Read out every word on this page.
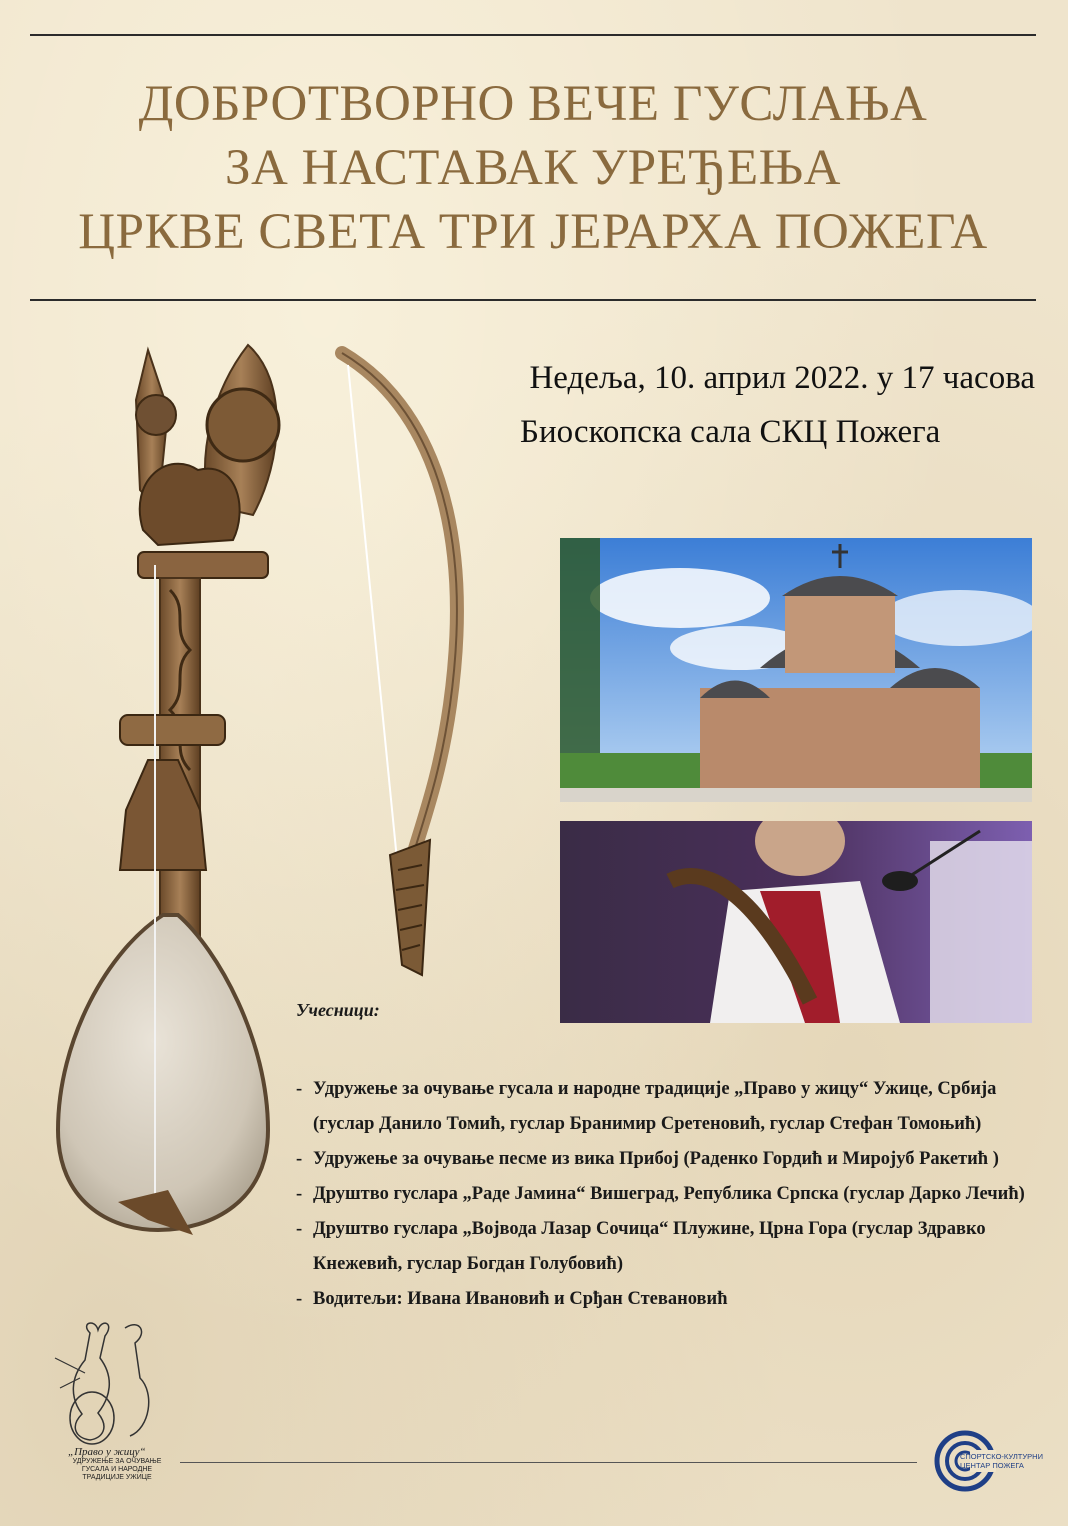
ДОБРОТВОРНО ВЕЧЕ ГУСЛАЊА
ЗА НАСТАВАК УРЕЂЕЊА
ЦРКВЕ СВЕТА ТРИ ЈЕРАРХА ПОЖЕГА
Недеља, 10. април 2022. у 17 часова
Биоскопска сала СКЦ Пожега
Учесници:
- Удружење за очување гусала и народне традиције „Право у жицу“ Ужице, Србија (гуслар Данило Томић, гуслар Бранимир Сретеновић, гуслар Стефан Томоњић)
- Удружење за очување песме из вика Прибој (Раденко Гордић и Миројуб Ракетић )
- Друштво гуслара „Раде Јамина“ Вишеград, Република Српска (гуслар Дарко Лечић)
- Друштво гуслара „Војвода Лазар Сочица“ Плужине, Црна Гора (гуслар Здравко Кнежевић, гуслар Богдан Голубовић)
- Водитељи: Ивана Ивановић и Срђан Стевановић
„Право у жицу“
УДРУЖЕЊЕ ЗА ОЧУВАЊЕ ГУСАЛА И НАРОДНЕ ТРАДИЦИЈЕ УЖИЦЕ
СПОРТСКО-КУЛТУРНИ
ЦЕНТАР ПОЖЕГА
